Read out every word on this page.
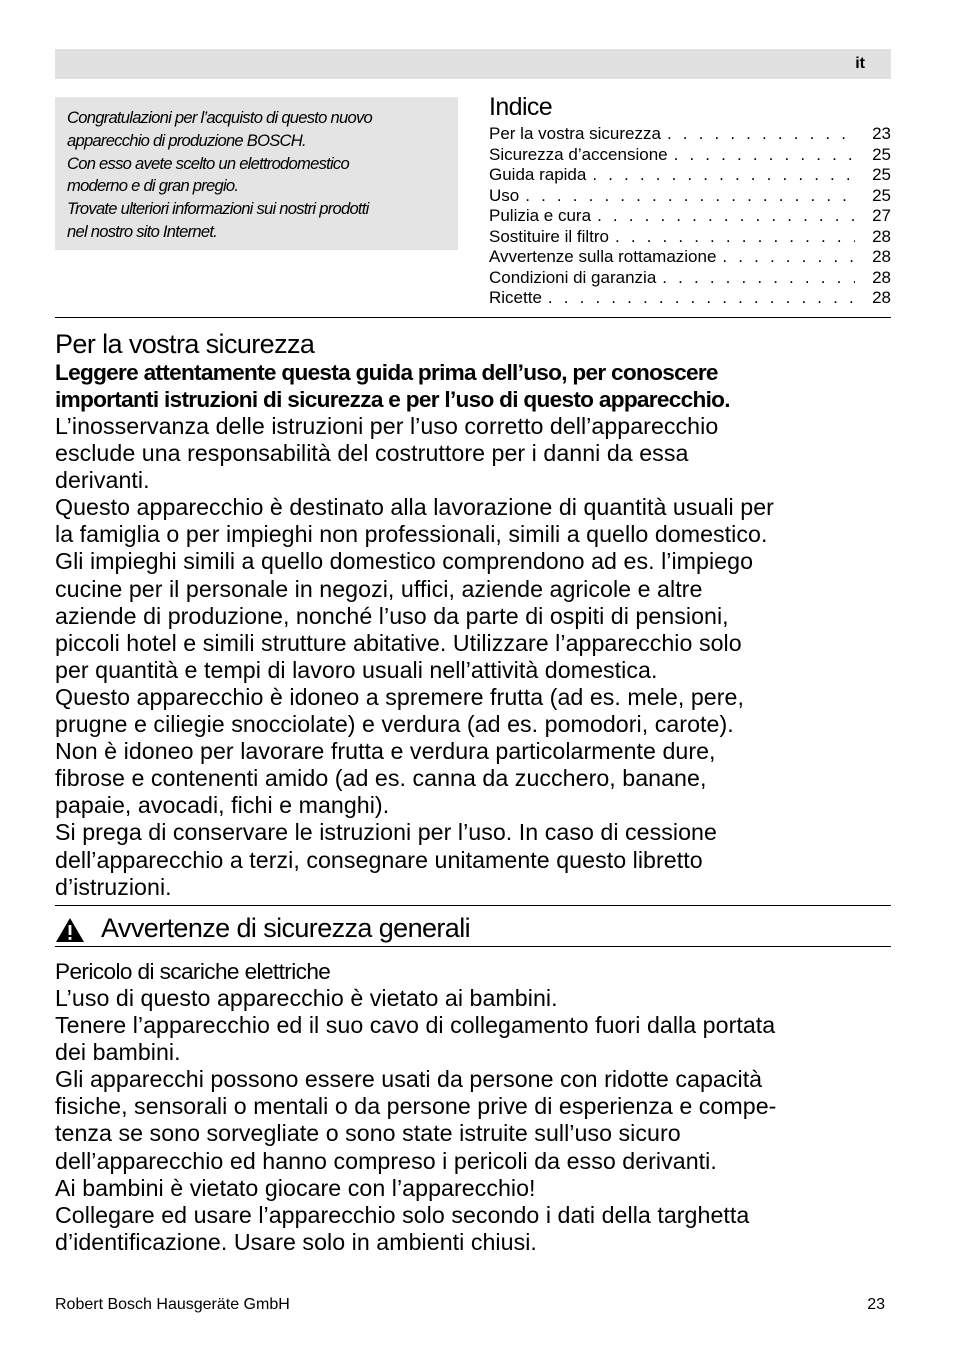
it
Congratulazioni per l’acquisto di questo nuovo
apparecchio di produzione BOSCH.
Con esso avete scelto un elettrodomestico
moderno e di gran pregio.
Trovate ulteriori informazioni sui nostri prodotti
nel nostro sito Internet.
Indice
Per la vostra sicurezza . . .	23
Sicurezza d’accensione . . .	25
Guida rapida . . .	25
Uso . . .	25
Pulizia e cura . . .	27
Sostituire il filtro . . .	28
Avvertenze sulla rottamazione . . .	28
Condizioni di garanzia . . .	28
Ricette . . .	28
Per la vostra sicurezza
Leggere attentamente questa guida prima dell’uso, per conoscere
importanti istruzioni di sicurezza e per l’uso di questo apparecchio.
L’inosservanza delle istruzioni per l’uso corretto dell’apparecchio
esclude una responsabilità del costruttore per i danni da essa
derivanti.
Questo apparecchio è destinato alla lavorazione di quantità usuali per
la famiglia o per impieghi non professionali, simili a quello domestico.
Gli impieghi simili a quello domestico comprendono ad es. l’impiego
cucine per il personale in negozi, uffici, aziende agricole e altre
aziende di produzione, nonché l’uso da parte di ospiti di pensioni,
piccoli hotel e simili strutture abitative. Utilizzare l’apparecchio solo
per quantità e tempi di lavoro usuali nell’attività domestica.
Questo apparecchio è idoneo a spremere frutta (ad es. mele, pere,
prugne e ciliegie snocciolate) e verdura (ad es. pomodori, carote).
Non è idoneo per lavorare frutta e verdura particolarmente dure,
fibrose e contenenti amido (ad es. canna da zucchero, banane,
papaie, avocadi, fichi e manghi).
Si prega di conservare le istruzioni per l’uso. In caso di cessione
dell’apparecchio a terzi, consegnare unitamente questo libretto
d’istruzioni.
Avvertenze di sicurezza generali
Pericolo di scariche elettriche
L’uso di questo apparecchio è vietato ai bambini.
Tenere l’apparecchio ed il suo cavo di collegamento fuori dalla portata
dei bambini.
Gli apparecchi possono essere usati da persone con ridotte capacità
fisiche, sensorali o mentali o da persone prive di esperienza e compe-
tenza se sono sorvegliate o sono state istruite sull’uso sicuro
dell’apparecchio ed hanno compreso i pericoli da esso derivanti.
Ai bambini è vietato giocare con l’apparecchio!
Collegare ed usare l’apparecchio solo secondo i dati della targhetta
d’identificazione. Usare solo in ambienti chiusi.
Robert Bosch Hausgeräte GmbH	23
